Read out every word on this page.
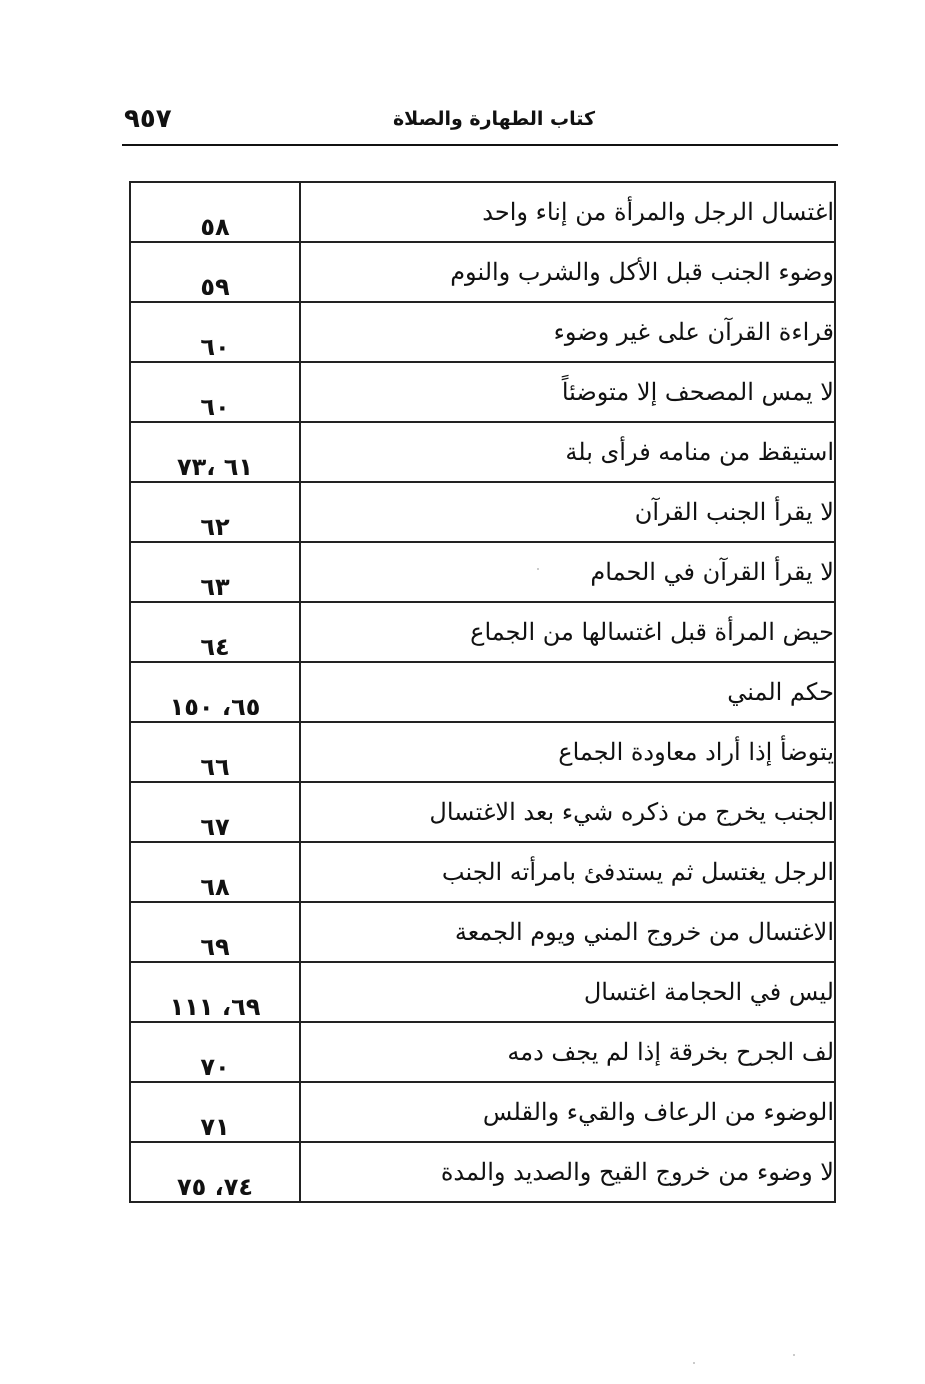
٩٥٧	كتاب الطهارة والصلاة
٥٨	اغتسال الرجل والمرأة من إناء واحد
٥٩	وضوء الجنب قبل الأكل والشرب والنوم
٦٠	قراءة القرآن على غير وضوء
٦٠	لا يمس المصحف إلا متوضئاً
٦١ ،٧٣	استيقظ من منامه فرأى بلة
٦٢	لا يقرأ الجنب القرآن
٦٣	لا يقرأ القرآن في الحمام
٦٤	حيض المرأة قبل اغتسالها من الجماع
٦٥، ١٥٠	حكم المني
٦٦	يتوضأ إذا أراد معاودة الجماع
٦٧	الجنب يخرج من ذكره شيء بعد الاغتسال
٦٨	الرجل يغتسل ثم يستدفئ بامرأته الجنب
٦٩	الاغتسال من خروج المني ويوم الجمعة
٦٩، ١١١	ليس في الحجامة اغتسال
٧٠	لف الجرح بخرقة إذا لم يجف دمه
٧١	الوضوء من الرعاف والقيء والقلس
٧٤، ٧٥	لا وضوء من خروج القيح والصديد والمدة
